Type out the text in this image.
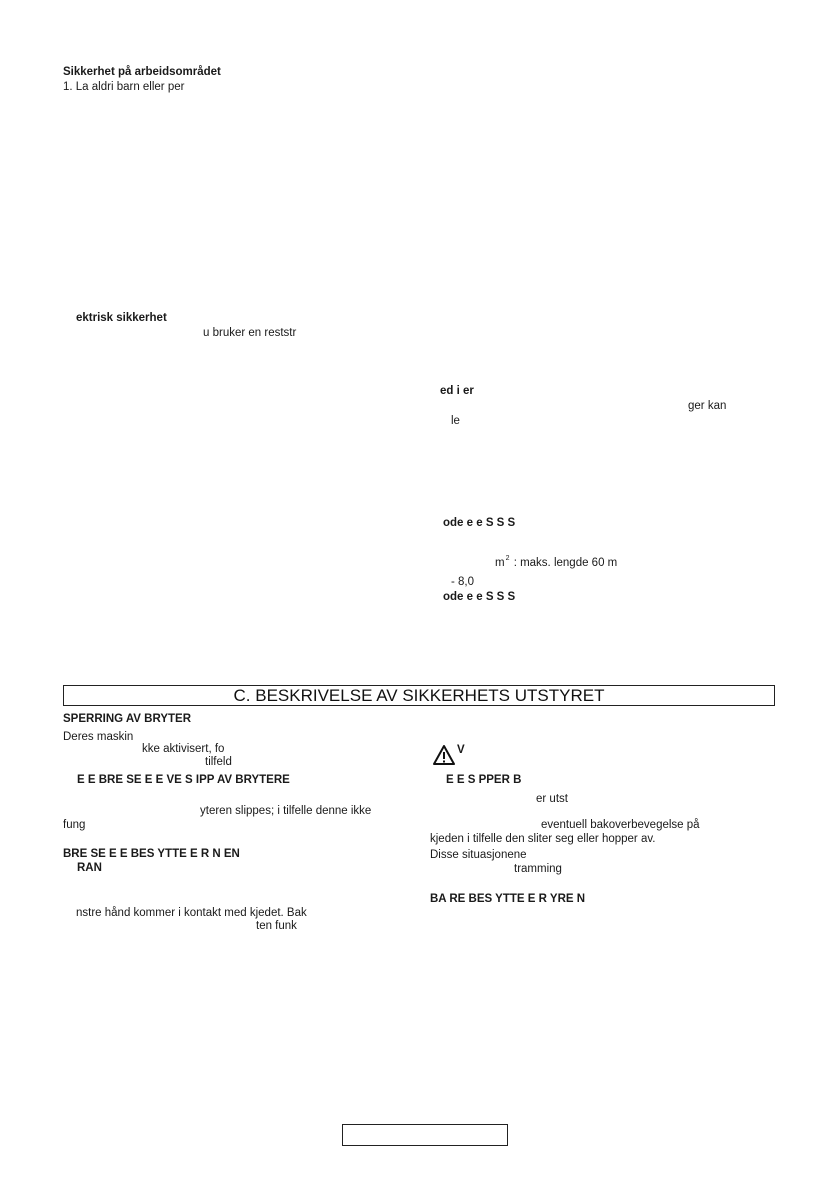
Sikkerhet på arbeidsområdet
1. La aldri barn eller per
ektrisk sikkerhet
u bruker en reststr
ed i er
ger kan
le
ode e e S S S
$m^2$ : maks. lengde 60 m
- 8,0
ode e e S S S
C. BESKRIVELSE AV SIKKERHETS UTSTYRET
SPERRING AV BRYTER
Deres maskin
kke aktivisert, fo
tilfeld
E E BRE SE E E VE S IPP AV BRYTERE
yteren slippes; i tilfelle denne ikke
fung
BRE SE E E BES YTTE E R N EN
RAN
nstre hånd kommer i kontakt med kjedet. Bak
ten funk
V
E E S PPER B
er utst
eventuell bakoverbevegelse på
kjeden i tilfelle den sliter seg eller hopper av.
Disse situasjonene
tramming
BA RE BES YTTE E R YRE N
